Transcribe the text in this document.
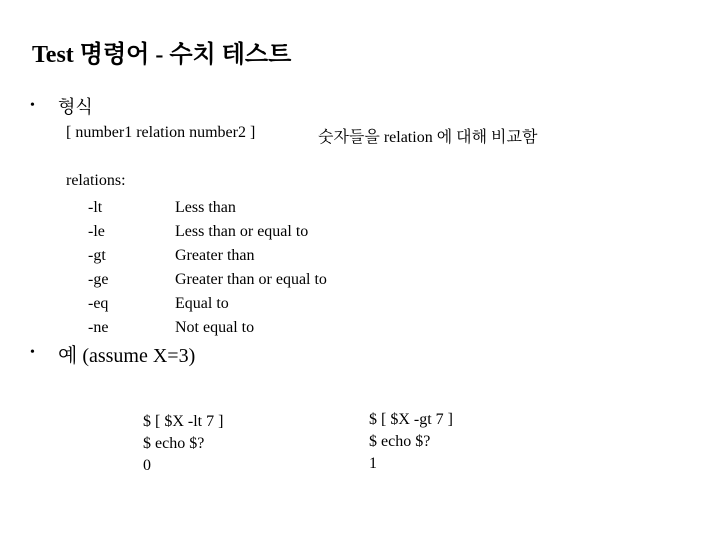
Test 명령어 - 수치 테스트
• 형식
[ number1 relation number2 ]	숫자들을 relation 에 대해 비교함
relations:
-lt
-le
-gt
-ge
-eq
-ne
Less than
Less than or equal to
Greater than
Greater than or equal to
Equal to
Not equal to
• 예 (assume X=3)
$ [ $X -lt 7 ]
$ echo $?
0
$ [ $X -gt 7 ]
$ echo $?
1
